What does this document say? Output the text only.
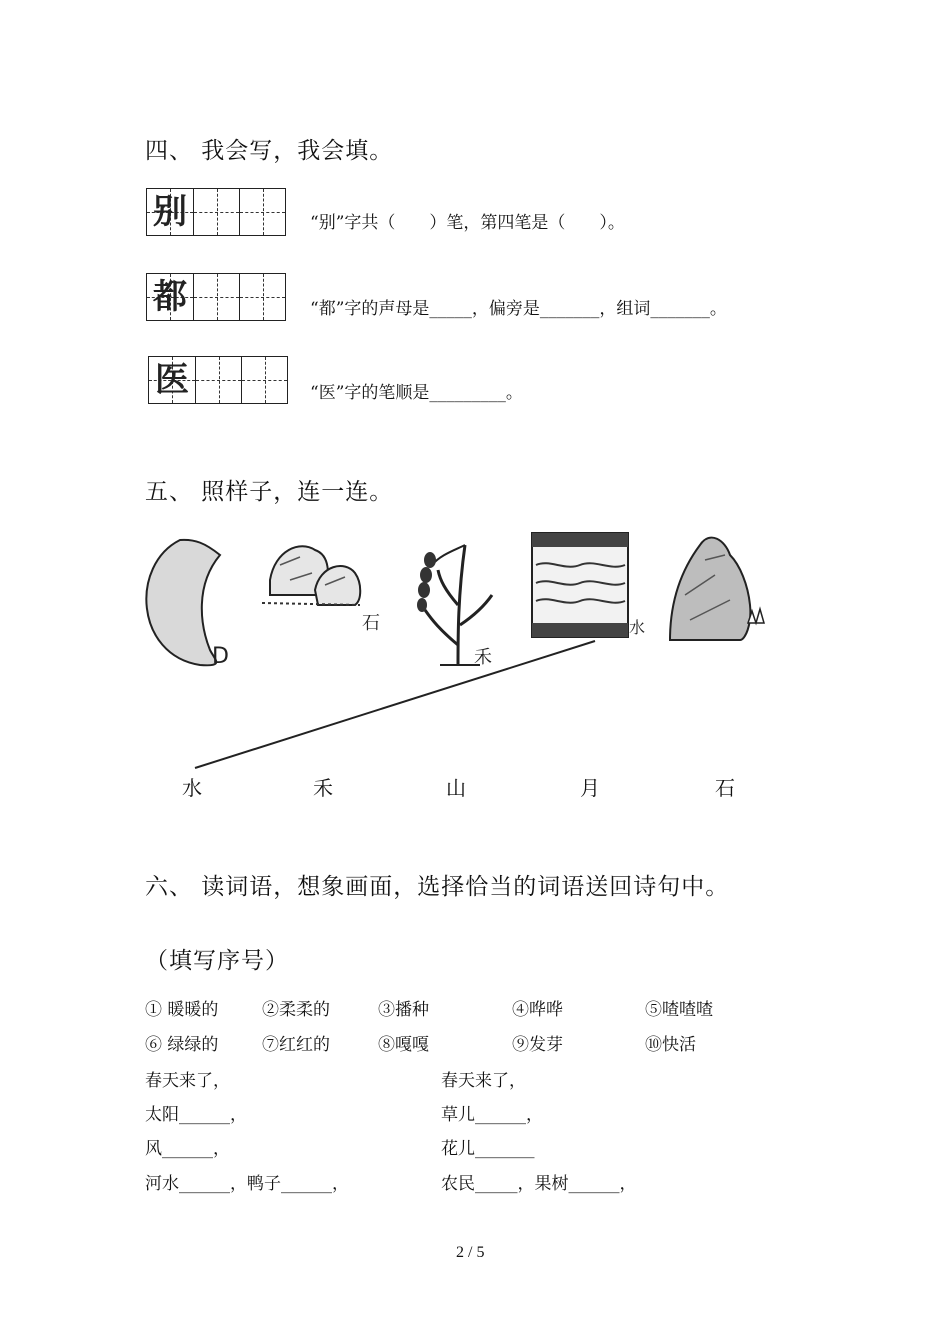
四、 我会写，我会填。
别	“别”字共（　　）笔，第四笔是（　　）。
都	“都”字的声母是_____，偏旁是_______，组词_______。
医	“医”字的笔顺是_________。
五、 照样子，连一连。
D
石
禾
水
山
水	禾	山	月	石
六、 读词语，想象画面，选择恰当的词语送回诗句中。
（填写序号）
① 暖暖的	②柔柔的	③播种	④哗哗	⑤喳喳喳
⑥ 绿绿的	⑦红红的	⑧嘎嘎	⑨发芽	⑩快活
春天来了，
太阳______，
风______，
河水______，鸭子______，
春天来了，
草儿______，
花儿_______
农民_____，果树______，
2 / 5
